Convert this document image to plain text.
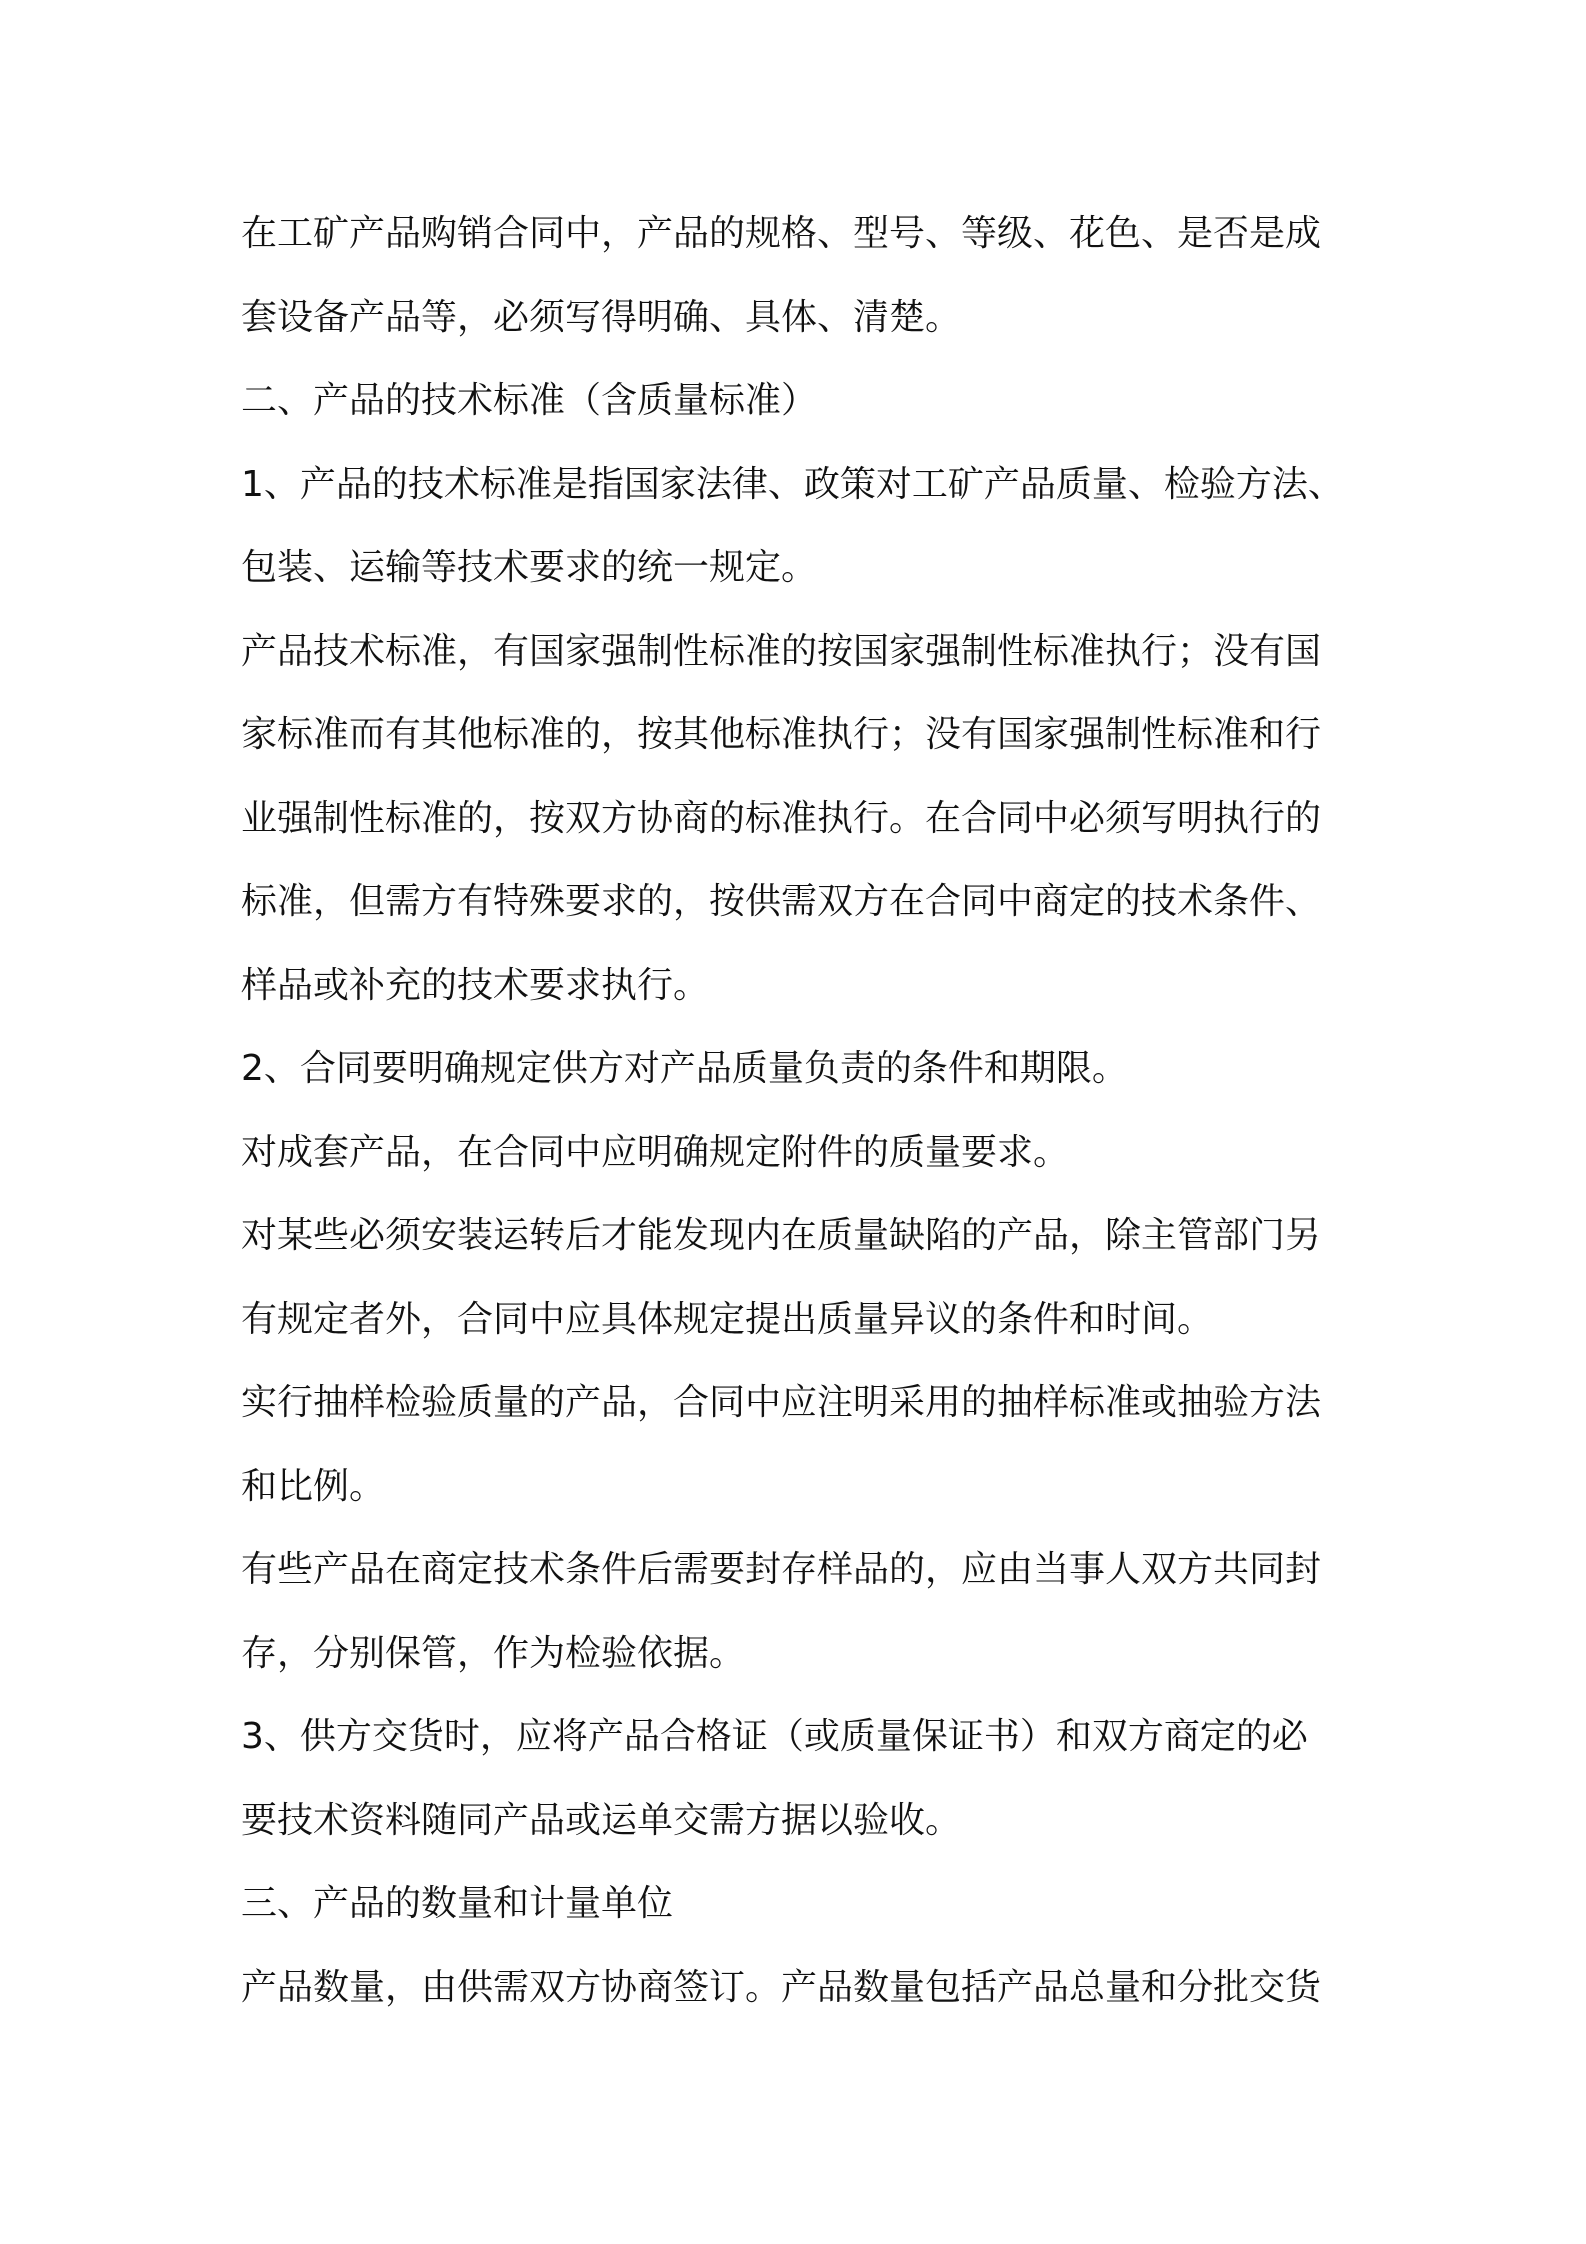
在工矿产品购销合同中，产品的规格、型号、等级、花色、是否是成
套设备产品等，必须写得明确、具体、清楚。
二、产品的技术标准（含质量标准）
1、产品的技术标准是指国家法律、政策对工矿产品质量、检验方法、
包装、运输等技术要求的统一规定。
产品技术标准，有国家强制性标准的按国家强制性标准执行；没有国
家标准而有其他标准的，按其他标准执行；没有国家强制性标准和行
业强制性标准的，按双方协商的标准执行。在合同中必须写明执行的
标准，但需方有特殊要求的，按供需双方在合同中商定的技术条件、
样品或补充的技术要求执行。
2、合同要明确规定供方对产品质量负责的条件和期限。
对成套产品，在合同中应明确规定附件的质量要求。
对某些必须安装运转后才能发现内在质量缺陷的产品，除主管部门另
有规定者外，合同中应具体规定提出质量异议的条件和时间。
实行抽样检验质量的产品，合同中应注明采用的抽样标准或抽验方法
和比例。
有些产品在商定技术条件后需要封存样品的，应由当事人双方共同封
存，分别保管，作为检验依据。
3、供方交货时，应将产品合格证（或质量保证书）和双方商定的必
要技术资料随同产品或运单交需方据以验收。
三、产品的数量和计量单位
产品数量，由供需双方协商签订。产品数量包括产品总量和分批交货
